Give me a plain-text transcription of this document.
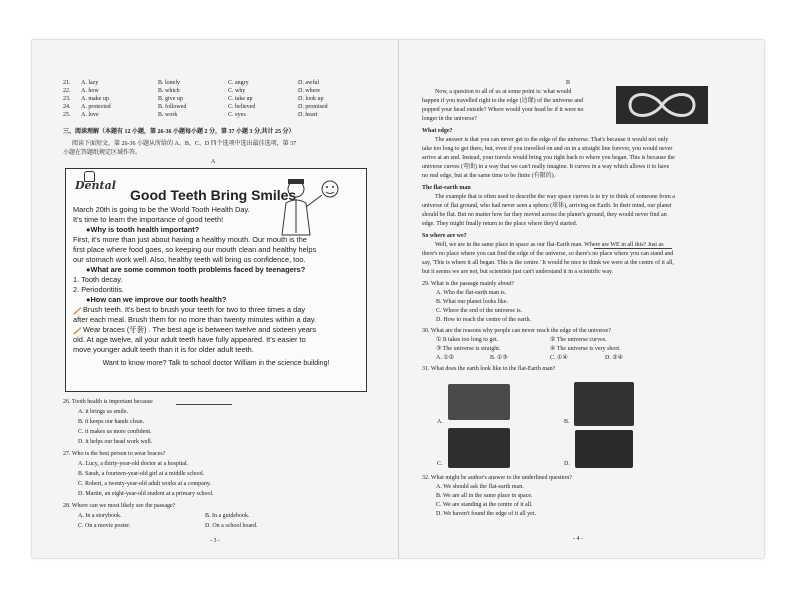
21. A. lazy	B. lonely	C. angry	D. awful
22. A. how	B. which	C. why	D. where
23. A. make up	B. give up	C. take up	D. look up
24. A. protected	B. followed	C. believed	D. promised
25. A. love	B. work	C. eyes	D. heart
三、阅读理解（本题有 12 小题，第 26-36 小题每小题 2 分，第 37 小题 3 分,共计 25 分）
阅读下面短文，第 26-36 小题从所给的 A、B、C、D 四个选项中选出最佳选项，第 37
小题在答题纸规定区域作答。
A
Dental
Good Teeth Bring Smiles
March 20th is going to be the World Tooth Health Day.
It's time to learn the importance of good teeth!
●Why is tooth health important?
First, it's more than just about having a healthy mouth. Our mouth is the
first place where food goes, so keeping our mouth clean and healthy helps
our stomach work well. Also, healthy teeth will bring us confidence, too.
●What are some common tooth problems faced by teenagers?
1. Tooth decay.
2. Periodontitis.
●How can we improve our tooth health?
🪥 Brush teeth. It's best to brush your teeth for two to three times a day
after each meal. Brush them for no more than twenty minutes within a day.
🪥 Wear braces (牙套) . The best age is between twelve and sixteen years
old. At age twelve, all your adult teeth have fully appeared. It's easier to
move younger adult teeth than it is for older adult teeth.
Want to know more? Talk to school doctor William in the science building!
26. Tooth health is important because
A. it brings us smile.
B. it keeps our hands clean.
C. it makes us more confident.
D. it helps our head work well.
27. Who is the best person to wear braces?
A. Lucy, a thirty-year-old doctor at a hospital.
B. Sarah, a fourteen-year-old girl at a middle school.
C. Robert, a twenty-year-old adult works at a company.
D. Martin, an eight-year-old student at a primary school.
28. Where can we most likely see the passage?
A. In a storybook.	B. In a guidebook.
C. On a movie poster.	D. On a school board.
- 3 -
B
Now, a question to all of us at some point is: what would
happen if you travelled right to the edge (边缘) of the universe and
popped your head outside? Where would your head be if it were no
longer in the universe?
What edge?
The answer is that you can never get to the edge of the universe. That's because it would not only
take too long to get there, but, even if you travelled on and on in a straight line forever, you would never
arrive at an end. Instead, your travels would bring you right back to where you began. This is because the
universe curves (弯曲) in a way that we can't really imagine. It curves in a way which allows it to have
no real edge, but at the same time to be finite (有限的).
The flat-earth man
The example that is often used to describe the way space curves is to try to think of someone from a
universe of flat ground, who had never seen a sphere (球体), arriving on Earth. In their mind, our planet
should be flat. But no matter how far they moved across the planet's ground, they would never find an
edge. They might finally return to the place where they'd started.
So where are we?
Well, we are in the same place in space as our flat-Earth man. Where are WE in all this? Just as
there's no place where you can find the edge of the universe, so there's no place where you can stand and
say, 'This is where it all began. This is the centre.' It would be nice to think we were at the centre of it all,
but it seems we are not, but scientists just can't understand it in a scientific way.
29. What is the passage mainly about?
A. Who the flat-earth man is.
B. What our planet looks like.
C. Where the end of the universe is.
D. How to reach the centre of the earth.
30. What are the reasons why people can never reach the edge of the universe?
① It takes too long to get.	② The universe curves.
③ The universe is straight.	④ The universe is very short.
A. ①②	B. ①③	C. ①④	D. ②④
31. What does the earth look like to the flat-Earth man?
A.	B.
C.	D.
32. What might be author's answer to the underlined question?
A. We should ask the flat-earth man.
B. We are all in the same place in space.
C. We are standing at the centre of it all.
D. We haven't found the edge of it all yet.
- 4 -
